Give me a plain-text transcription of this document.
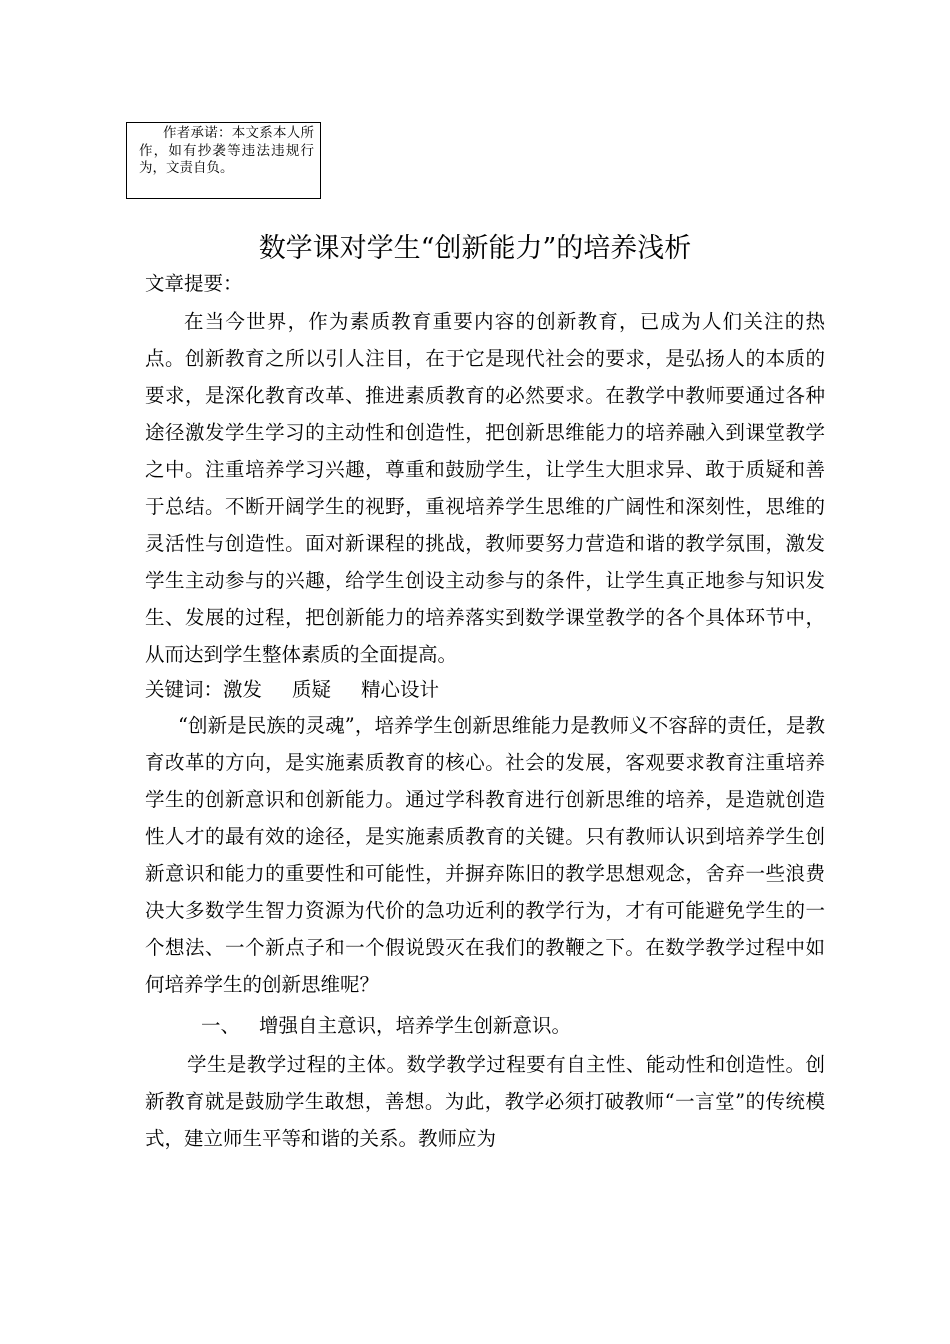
作者承诺：本文系本人所作，如有抄袭等违法违规行为，文责自负。
数学课对学生“创新能力”的培养浅析
文章提要：

在当今世界，作为素质教育重要内容的创新教育，已成为人们关注的热点。创新教育之所以引人注目，在于它是现代社会的要求，是弘扬人的本质的要求，是深化教育改革、推进素质教育的必然要求。在教学中教师要通过各种途径激发学生学习的主动性和创造性，把创新思维能力的培养融入到课堂教学之中。注重培养学习兴趣，尊重和鼓励学生，让学生大胆求异、敢于质疑和善于总结。不断开阔学生的视野，重视培养学生思维的广阔性和深刻性，思维的灵活性与创造性。面对新课程的挑战，教师要努力营造和谐的教学氛围，激发学生主动参与的兴趣，给学生创设主动参与的条件，让学生真正地参与知识发生、发展的过程，把创新能力的培养落实到数学课堂教学的各个具体环节中，从而达到学生整体素质的全面提高。

关键词：激发 质疑 精心设计

“创新是民族的灵魂”，培养学生创新思维能力是教师义不容辞的责任，是教育改革的方向，是实施素质教育的核心。社会的发展，客观要求教育注重培养学生的创新意识和创新能力。通过学科教育进行创新思维的培养，是造就创造性人才的最有效的途径，是实施素质教育的关键。只有教师认识到培养学生创新意识和能力的重要性和可能性，并摒弃陈旧的教学思想观念，舍弃一些浪费决大多数学生智力资源为代价的急功近利的教学行为，才有可能避免学生的一个想法、一个新点子和一个假说毁灭在我们的教鞭之下。在数学教学过程中如何培养学生的创新思维呢？

一、 增强自主意识，培养学生创新意识。

学生是教学过程的主体。数学教学过程要有自主性、能动性和创造性。创新教育就是鼓励学生敢想，善想。为此，教学必须打破教师“一言堂”的传统模式，建立师生平等和谐的关系。教师应为
